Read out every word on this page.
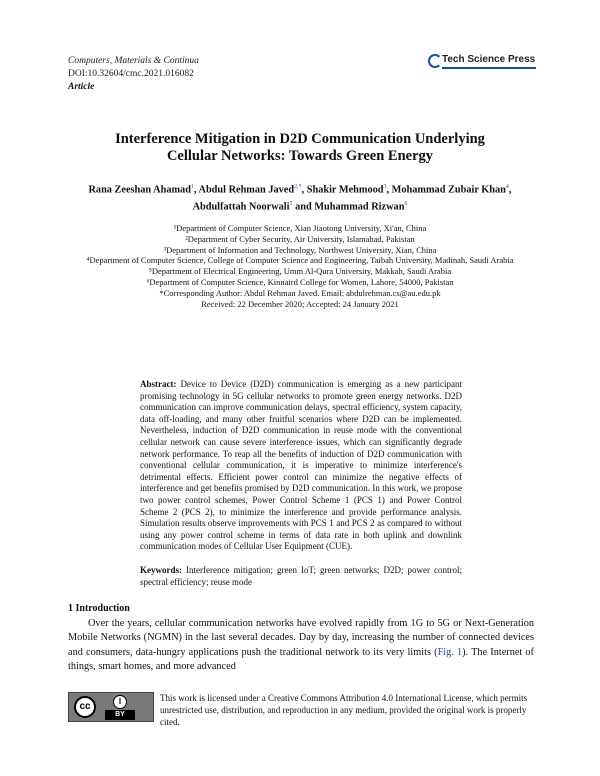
Computers, Materials & Continua
DOI:10.32604/cmc.2021.016082
Article
Tech Science Press
Interference Mitigation in D2D Communication Underlying
Cellular Networks: Towards Green Energy
Rana Zeeshan Ahamad$^1$, Abdul Rehman Javed$^{2,*}$, Shakir Mehmood$^3$, Mohammad Zubair Khan$^4$,
Abdulfattah Noorwali$^5$ and Muhammad Rizwan$^6$
¹Department of Computer Science, Xian Jiaotong University, Xi'an, China
²Department of Cyber Security, Air University, Islamabad, Pakistan
³Department of Information and Technology, Northwest University, Xian, China
⁴Department of Computer Science, College of Computer Science and Engineering, Taibah University, Madinah, Saudi Arabia
⁵Department of Electrical Engineering, Umm Al-Qura University, Makkah, Saudi Arabia
⁶Department of Computer Science, Kinnaird College for Women, Lahore, 54000, Pakistan
*Corresponding Author: Abdul Rehman Javed. Email: abdulrehman.cs@au.edu.pk
Received: 22 December 2020; Accepted: 24 January 2021
Abstract: Device to Device (D2D) communication is emerging as a new participant promising technology in 5G cellular networks to promote green energy networks. D2D communication can improve communication delays, spectral efficiency, system capacity, data off-loading, and many other fruitful scenarios where D2D can be implemented. Nevertheless, induction of D2D communication in reuse mode with the conventional cellular network can cause severe interference issues, which can significantly degrade network performance. To reap all the benefits of induction of D2D communication with conventional cellular communication, it is imperative to minimize interference's detrimental effects. Efficient power control can minimize the negative effects of interference and get benefits promised by D2D communication. In this work, we propose two power control schemes, Power Control Scheme 1 (PCS 1) and Power Control Scheme 2 (PCS 2), to minimize the interference and provide performance analysis. Simulation results observe improvements with PCS 1 and PCS 2 as compared to without using any power control scheme in terms of data rate in both uplink and downlink communication modes of Cellular User Equipment (CUE).
Keywords: Interference mitigation; green IoT; green networks; D2D; power control; spectral efficiency; reuse mode
1 Introduction
Over the years, cellular communication networks have evolved rapidly from 1G to 5G or Next-Generation Mobile Networks (NGMN) in the last several decades. Day by day, increasing the number of connected devices and consumers, data-hungry applications push the traditional network to its very limits (Fig. 1). The Internet of things, smart homes, and more advanced
cc	i
BY
This work is licensed under a Creative Commons Attribution 4.0 International License, which permits unrestricted use, distribution, and reproduction in any medium, provided the original work is properly cited.
